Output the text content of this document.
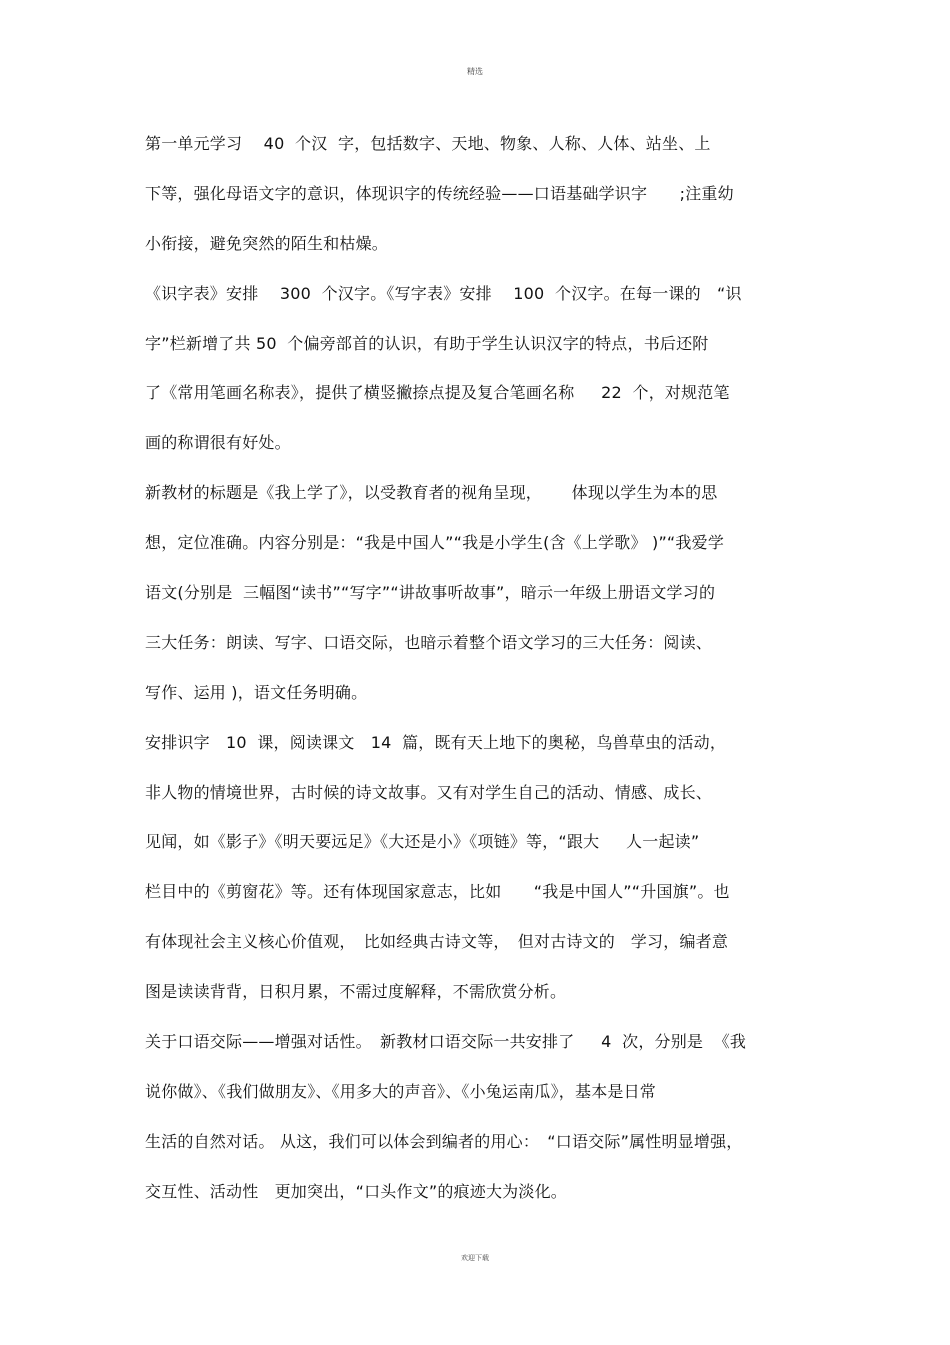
精选
第一单元学习　 40  个汉  字，包括数字、天地、物象、人称、人体、站坐、上
下等，强化母语文字的意识，体现识字的传统经验——口语基础学识字　　;注重幼
小衔接，避免突然的陌生和枯燥。
《识字表》安排　 300  个汉字。《写字表》安排　 100  个汉字。在每一课的　“识
字”栏新增了共 50  个偏旁部首的认识，有助于学生认识汉字的特点，书后还附
了《常用笔画名称表》，提供了横竖撇捺点提及复合笔画名称　  22  个，对规范笔
画的称谓很有好处。
新教材的标题是《我上学了》，以受教育者的视角呈现，　　 体现以学生为本的思
想，定位准确。内容分别是：“我是中国人”“我是小学生(含《上学歌》 )”“我爱学
语文(分别是  三幅图“读书”“写字”“讲故事听故事”，暗示一年级上册语文学习的
三大任务：朗读、写字、口语交际，也暗示着整个语文学习的三大任务：阅读、
写作、运用 )，语文任务明确。
安排识字　10  课，阅读课文　14  篇，既有天上地下的奥秘，鸟兽草虫的活动，
非人物的情境世界，古时候的诗文故事。又有对学生自己的活动、情感、成长、
见闻，如《影子》《明天要远足》《大还是小》《项链》等，“跟大　  人一起读”
栏目中的《剪窗花》等。还有体现国家意志，比如　　“我是中国人”“升国旗”。也
有体现社会主义核心价值观，　比如经典古诗文等，　但对古诗文的   学习，编者意
图是读读背背，日积月累，不需过度解释，不需欣赏分析。
关于口语交际——增强对话性。　新教材口语交际一共安排了　  4  次，分别是  《我
说你做》、《我们做朋友》、《用多大的声音》、《小兔运南瓜》，基本是日常
生活的自然对话。 从这，我们可以体会到编者的用心：　“口语交际”属性明显增强，
交互性、活动性　更加突出，“口头作文”的痕迹大为淡化。
欢迎下载
